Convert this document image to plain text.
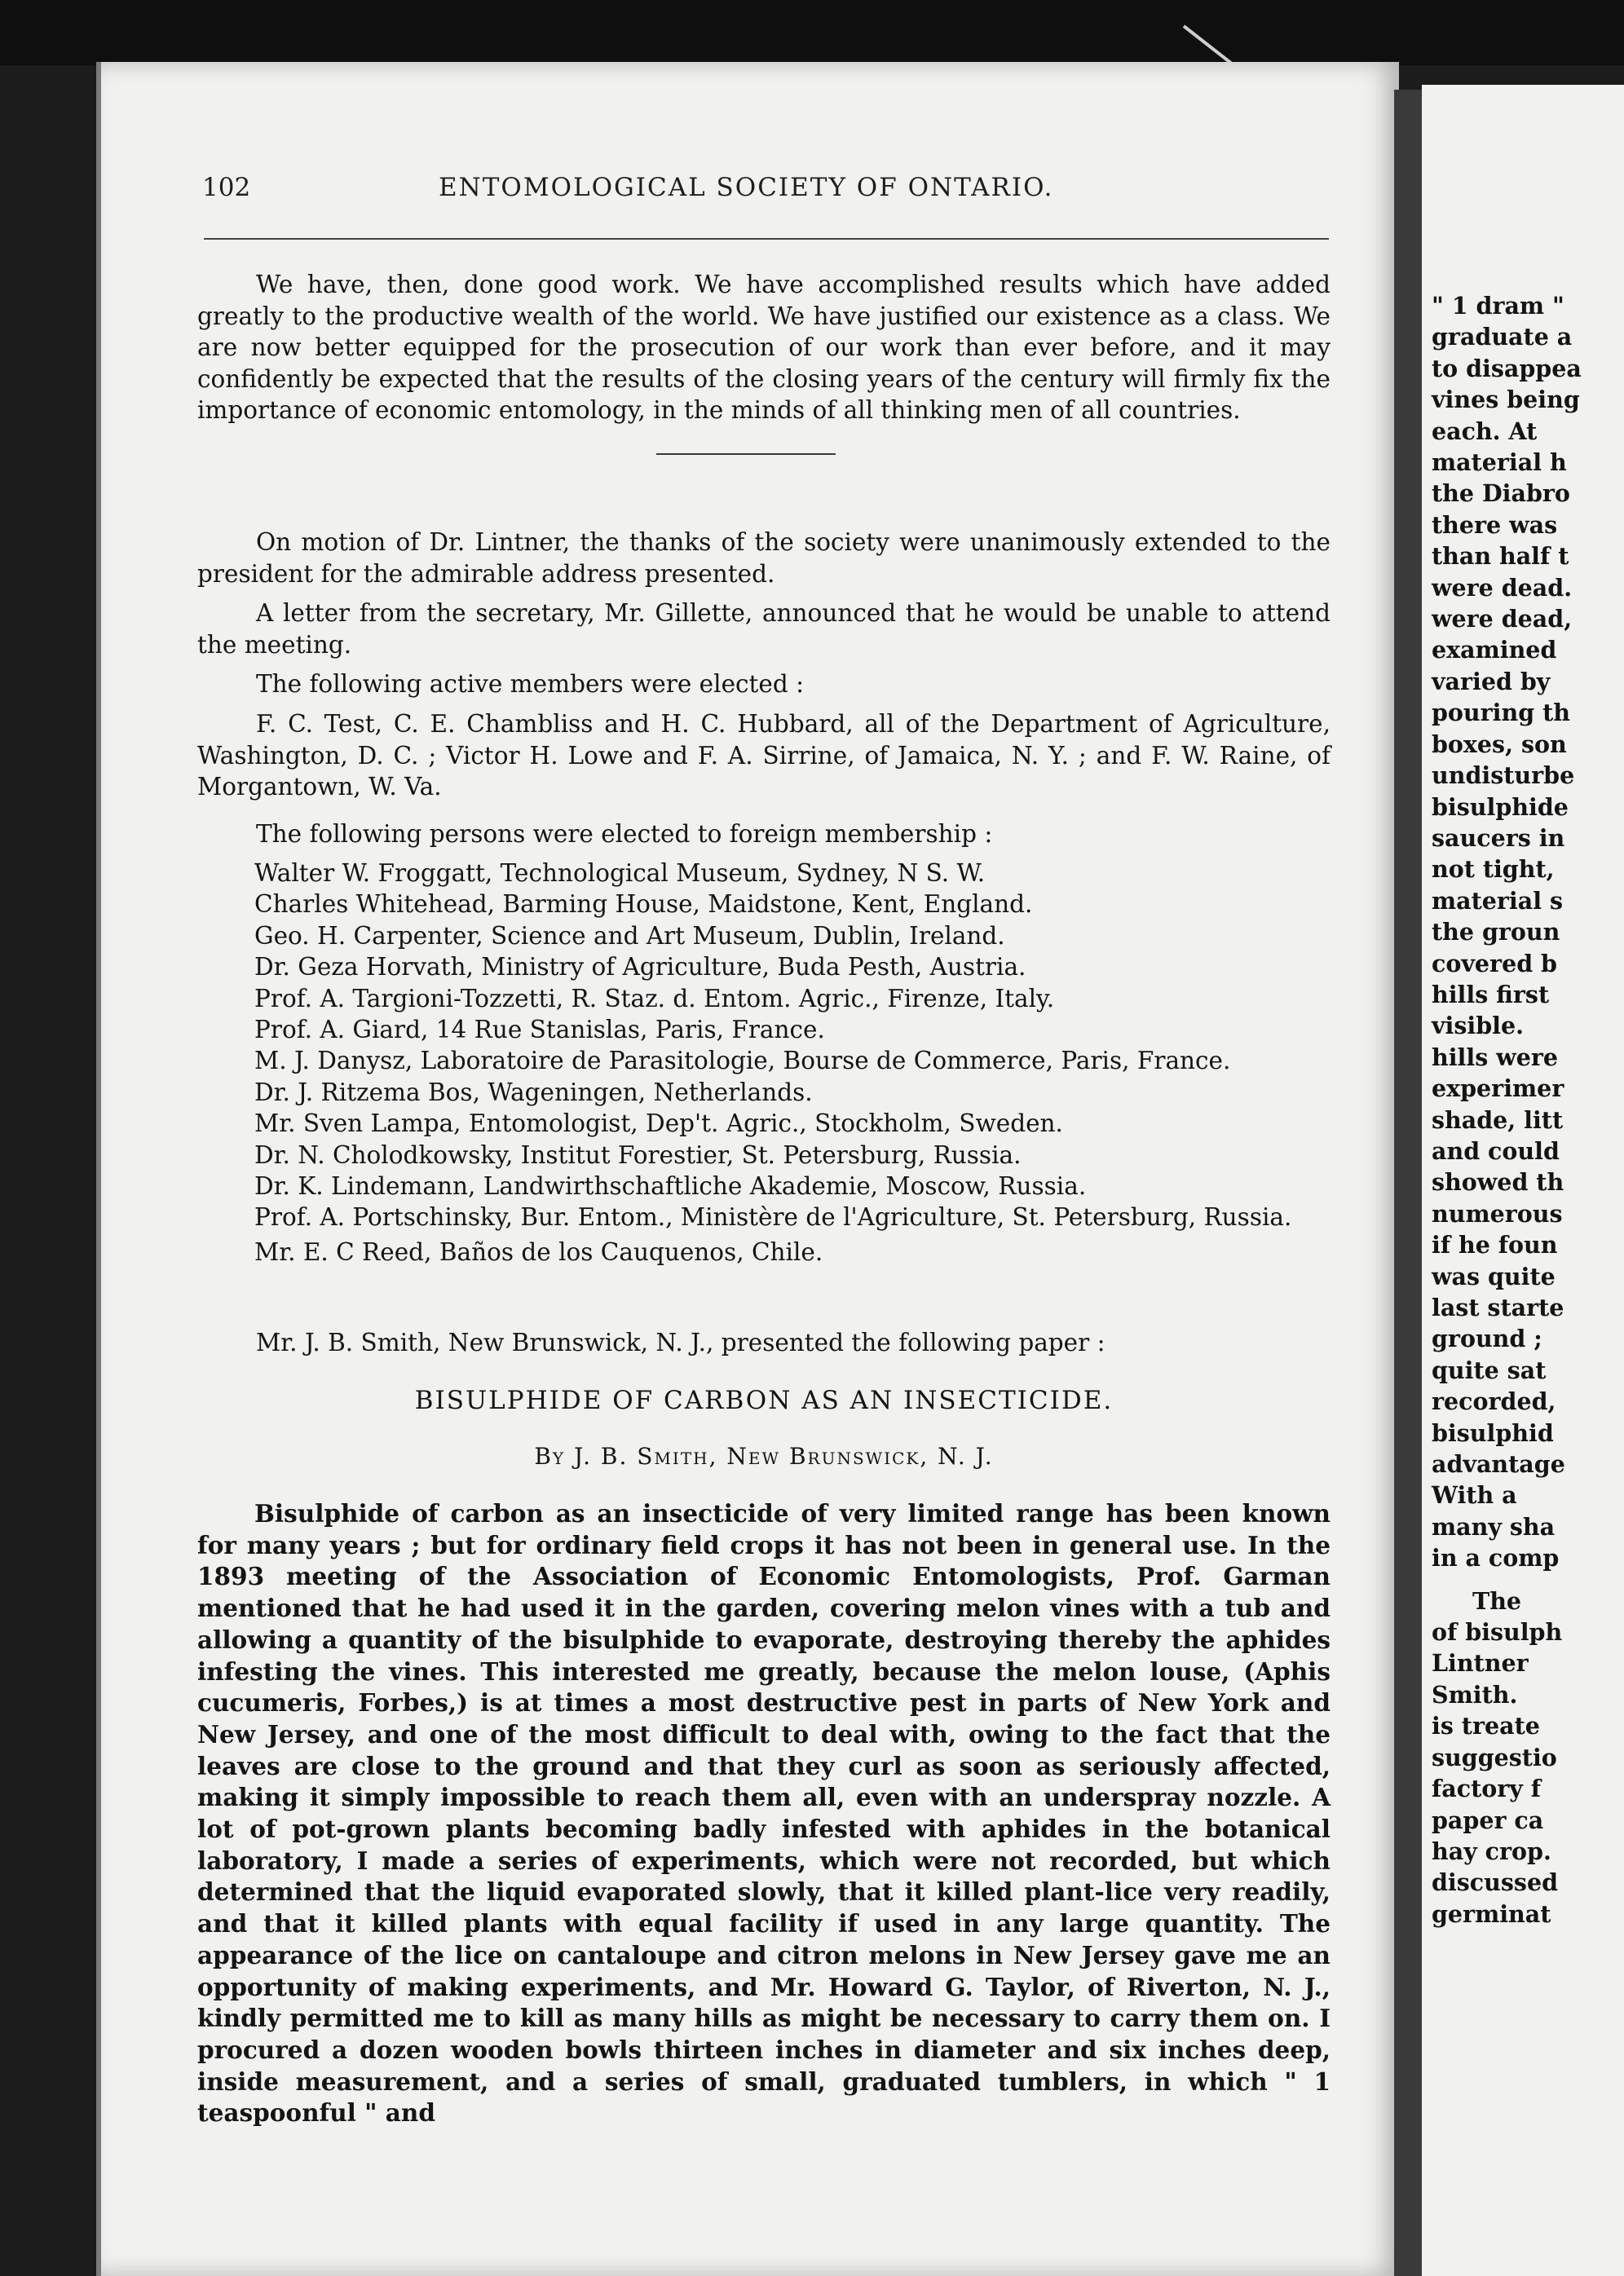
102	ENTOMOLOGICAL SOCIETY OF ONTARIO.

We have, then, done good work. We have accomplished results which have added greatly to the productive wealth of the world. We have justified our existence as a class. We are now better equipped for the prosecution of our work than ever before, and it may confidently be expected that the results of the closing years of the century will firmly fix the importance of economic entomology, in the minds of all thinking men of all countries.

On motion of Dr. Lintner, the thanks of the society were unanimously extended to the president for the admirable address presented.

A letter from the secretary, Mr. Gillette, announced that he would be unable to attend the meeting.

The following active members were elected :

F. C. Test, C. E. Chambliss and H. C. Hubbard, all of the Department of Agriculture, Washington, D. C. ; Victor H. Lowe and F. A. Sirrine, of Jamaica, N. Y. ; and F. W. Raine, of Morgantown, W. Va.

The following persons were elected to foreign membership :

Walter W. Froggatt, Technological Museum, Sydney, N S. W.
Charles Whitehead, Barming House, Maidstone, Kent, England.
Geo. H. Carpenter, Science and Art Museum, Dublin, Ireland.
Dr. Geza Horvath, Ministry of Agriculture, Buda Pesth, Austria.
Prof. A. Targioni-Tozzetti, R. Staz. d. Entom. Agric., Firenze, Italy.
Prof. A. Giard, 14 Rue Stanislas, Paris, France.
M. J. Danysz, Laboratoire de Parasitologie, Bourse de Commerce, Paris, France.
Dr. J. Ritzema Bos, Wageningen, Netherlands.
Mr. Sven Lampa, Entomologist, Dep't. Agric., Stockholm, Sweden.
Dr. N. Cholodkowsky, Institut Forestier, St. Petersburg, Russia.
Dr. K. Lindemann, Landwirthschaftliche Akademie, Moscow, Russia.
Prof. A. Portschinsky, Bur. Entom., Ministère de l'Agriculture, St. Petersburg, Russia.
Mr. E. C Reed, Baños de los Cauquenos, Chile.

Mr. J. B. Smith, New Brunswick, N. J., presented the following paper :

BISULPHIDE OF CARBON AS AN INSECTICIDE.
By J. B. Smith, New Brunswick, N. J.

Bisulphide of carbon as an insecticide of very limited range has been known for many years ; but for ordinary field crops it has not been in general use. In the 1893 meeting of the Association of Economic Entomologists, Prof. Garman mentioned that he had used it in the garden, covering melon vines with a tub and allowing a quantity of the bisulphide to evaporate, destroying thereby the aphides infesting the vines. This interested me greatly, because the melon louse, (Aphis cucumeris, Forbes,) is at times a most destructive pest in parts of New York and New Jersey, and one of the most difficult to deal with, owing to the fact that the leaves are close to the ground and that they curl as soon as seriously affected, making it simply impossible to reach them all, even with an underspray nozzle. A lot of pot-grown plants becoming badly infested with aphides in the botanical laboratory, I made a series of experiments, which were not recorded, but which determined that the liquid evaporated slowly, that it killed plant-lice very readily, and that it killed plants with equal facility if used in any large quantity. The appearance of the lice on cantaloupe and citron melons in New Jersey gave me an opportunity of making experiments, and Mr. Howard G. Taylor, of Riverton, N. J., kindly permitted me to kill as many hills as might be necessary to carry them on. I procured a dozen wooden bowls thirteen inches in diameter and six inches deep, inside measurement, and a series of small, graduated tumblers, in which " 1 teaspoonful " and

" 1 dram "
graduate a
to disappea
vines being
each. At
material h
the Diabro
there was
than half t
were dead.
were dead,
examined
varied by
pouring th
boxes, son
undisturbe
bisulphide
saucers in
not tight,
material s
the groun
covered b
hills first
visible.
hills were
experimer
shade, litt
and could
showed th
numerous
if he foun
was quite
last starte
ground ;
quite sat
recorded,
bisulphid
advantage
With a
many sha
in a comp
The
of bisulph
Lintner
Smith.
is treate
suggestio
factory f
paper ca
hay crop.
discussed
germinat
